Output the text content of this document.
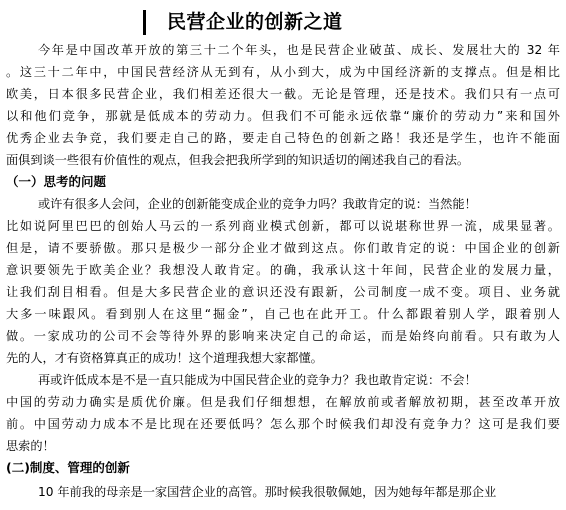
民营企业的创新之道
今年是中国改革开放的第三十二个年头，也是民营企业破茧、成长、发展壮大的 32 年
。这三十二年中，中国民营经济从无到有，从小到大，成为中国经济新的支撑点。但是相比
欧美，日本很多民营企业，我们相差还很大一截。无论是管理，还是技术。我们只有一点可
以和他们竞争，那就是低成本的劳动力。但我们不可能永远依靠“廉价的劳动力”来和国外
优秀企业去争竞，我们要走自己的路，要走自己特色的创新之路！我还是学生，也许不能面
面俱到谈一些很有价值性的观点，但我会把我所学到的知识适切的阐述我自己的看法。
（一）思考的问题
或许有很多人会问，企业的创新能变成企业的竞争力吗？我敢肯定的说：当然能！
比如说阿里巴巴的创始人马云的一系列商业模式创新，都可以说堪称世界一流，成果显著。
但是，请不要骄傲。那只是极少一部分企业才做到这点。你们敢肯定的说：中国企业的创新
意识要领先于欧美企业？我想没人敢肯定。的确，我承认这十年间，民营企业的发展力量，
让我们刮目相看。但是大多民营企业的意识还没有跟新，公司制度一成不变。项目、业务就
大多一味跟风。看到别人在这里“掘金”，自己也在此开工。什么都跟着别人学，跟着别人
做。一家成功的公司不会等待外界的影响来决定自己的命运，而是始终向前看。只有敢为人
先的人，才有资格算真正的成功！这个道理我想大家都懂。
再或许低成本是不是一直只能成为中国民营企业的竞争力？我也敢肯定说：不会！
中国的劳动力确实是质优价廉。但是我们仔细想想，在解放前或者解放初期，甚至改革开放
前。中国劳动力成本不是比现在还要低吗？怎么那个时候我们却没有竞争力？这可是我们要
思索的！
(二)制度、管理的创新
10 年前我的母亲是一家国营企业的高管。那时候我很敬佩她，因为她每年都是那企业
